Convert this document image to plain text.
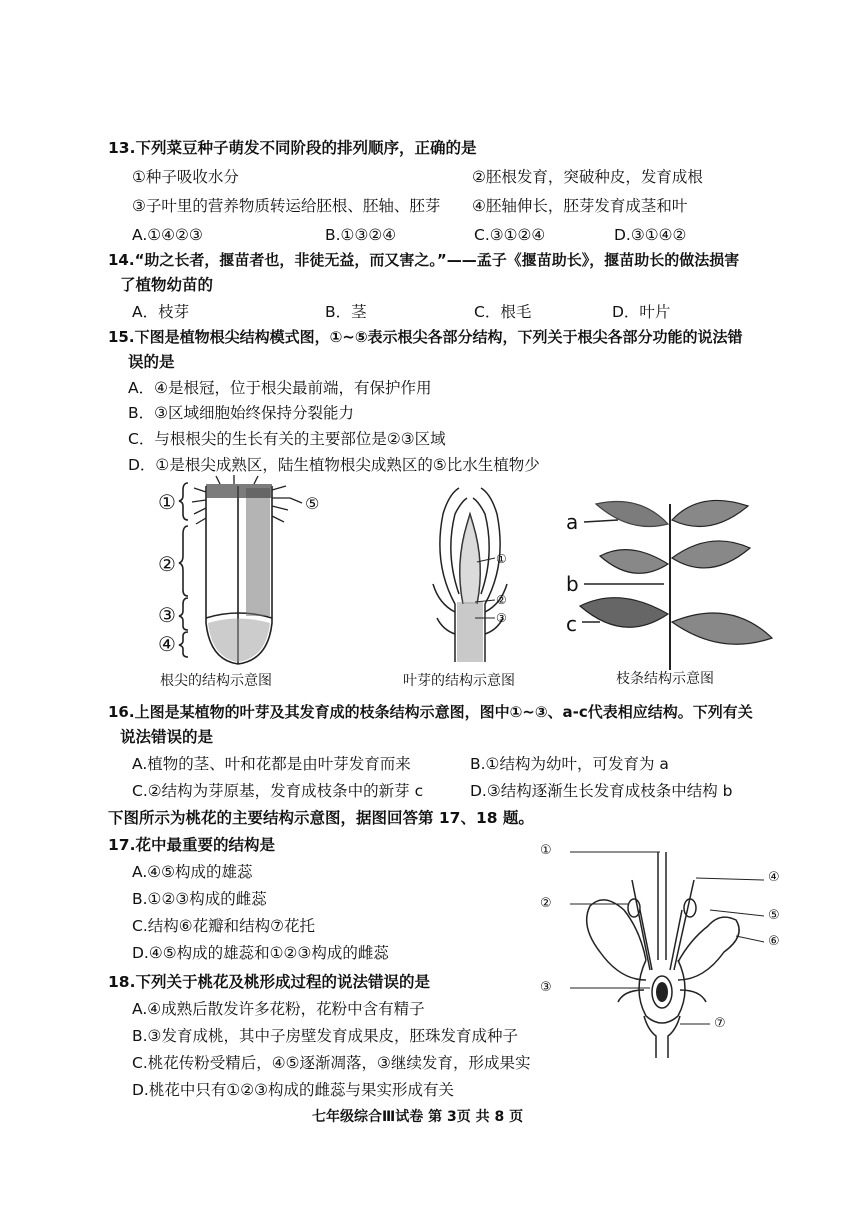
13.下列菜豆种子萌发不同阶段的排列顺序，正确的是
①种子吸收水分	②胚根发育，突破种皮，发育成根
③子叶里的营养物质转运给胚根、胚轴、胚芽 ④胚轴伸长，胚芽发育成茎和叶
A.①④②③	B.①③②④	C.③①②④	D.③①④②
14.“助之长者，揠苗者也，非徒无益，而又害之。”——孟子《揠苗助长》，揠苗助长的做法损害
了植物幼苗的
A．枝芽	B．茎	C．根毛	D．叶片
15.下图是植物根尖结构模式图，①~⑤表示根尖各部分结构，下列关于根尖各部分功能的说法错
误的是
A．④是根冠，位于根尖最前端，有保护作用
B．③区域细胞始终保持分裂能力
C．与根根尖的生长有关的主要部位是②③区域
D．①是根尖成熟区，陆生植物根尖成熟区的⑤比水生植物少
①
②
③
④
⑤
根尖的结构示意图
①
②
③
叶芽的结构示意图
a
b
c
枝条结构示意图
16.上图是某植物的叶芽及其发育成的枝条结构示意图，图中①~③、a-c代表相应结构。下列有关
说法错误的是
A.植物的茎、叶和花都是由叶芽发育而来	B.①结构为幼叶，可发育为 a
C.②结构为芽原基，发育成枝条中的新芽 c	D.③结构逐渐生长发育成枝条中结构 b
下图所示为桃花的主要结构示意图，据图回答第 17、18 题。
17.花中最重要的结构是
A.④⑤构成的雄蕊
B.①②③构成的雌蕊
C.结构⑥花瓣和结构⑦花托
D.④⑤构成的雄蕊和①②③构成的雌蕊
18.下列关于桃花及桃形成过程的说法错误的是
A.④成熟后散发许多花粉，花粉中含有精子
B.③发育成桃，其中子房壁发育成果皮，胚珠发育成种子
C.桃花传粉受精后，④⑤逐渐凋落，③继续发育，形成果实
D.桃花中只有①②③构成的雌蕊与果实形成有关
①
②
③
④
⑤
⑥
⑦
七年级综合Ⅲ试卷 第 3页 共 8 页
